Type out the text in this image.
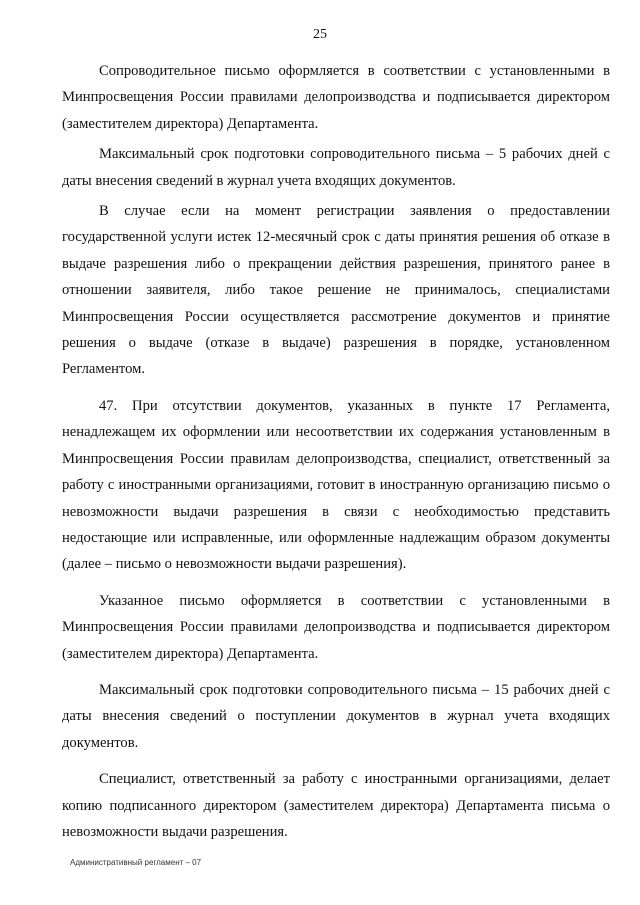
25

Сопроводительное письмо оформляется в соответствии с установленными в Минпросвещения России правилами делопроизводства и подписывается директором (заместителем директора) Департамента.

Максимальный срок подготовки сопроводительного письма – 5 рабочих дней с даты внесения сведений в журнал учета входящих документов.

В случае если на момент регистрации заявления о предоставлении государственной услуги истек 12-месячный срок с даты принятия решения об отказе в выдаче разрешения либо о прекращении действия разрешения, принятого ранее в отношении заявителя, либо такое решение не принималось, специалистами Минпросвещения России осуществляется рассмотрение документов и принятие решения о выдаче (отказе в выдаче) разрешения в порядке, установленном Регламентом.

47. При отсутствии документов, указанных в пункте 17 Регламента, ненадлежащем их оформлении или несоответствии их содержания установленным в Минпросвещения России правилам делопроизводства, специалист, ответственный за работу с иностранными организациями, готовит в иностранную организацию письмо о невозможности выдачи разрешения в связи с необходимостью представить недостающие или исправленные, или оформленные надлежащим образом документы (далее – письмо о невозможности выдачи разрешения).

Указанное письмо оформляется в соответствии с установленными в Минпросвещения России правилами делопроизводства и подписывается директором (заместителем директора) Департамента.

Максимальный срок подготовки сопроводительного письма – 15 рабочих дней с даты внесения сведений о поступлении документов в журнал учета входящих документов.

Специалист, ответственный за работу с иностранными организациями, делает копию подписанного директором (заместителем директора) Департамента письма о невозможности выдачи разрешения.

Административный регламент – 07
